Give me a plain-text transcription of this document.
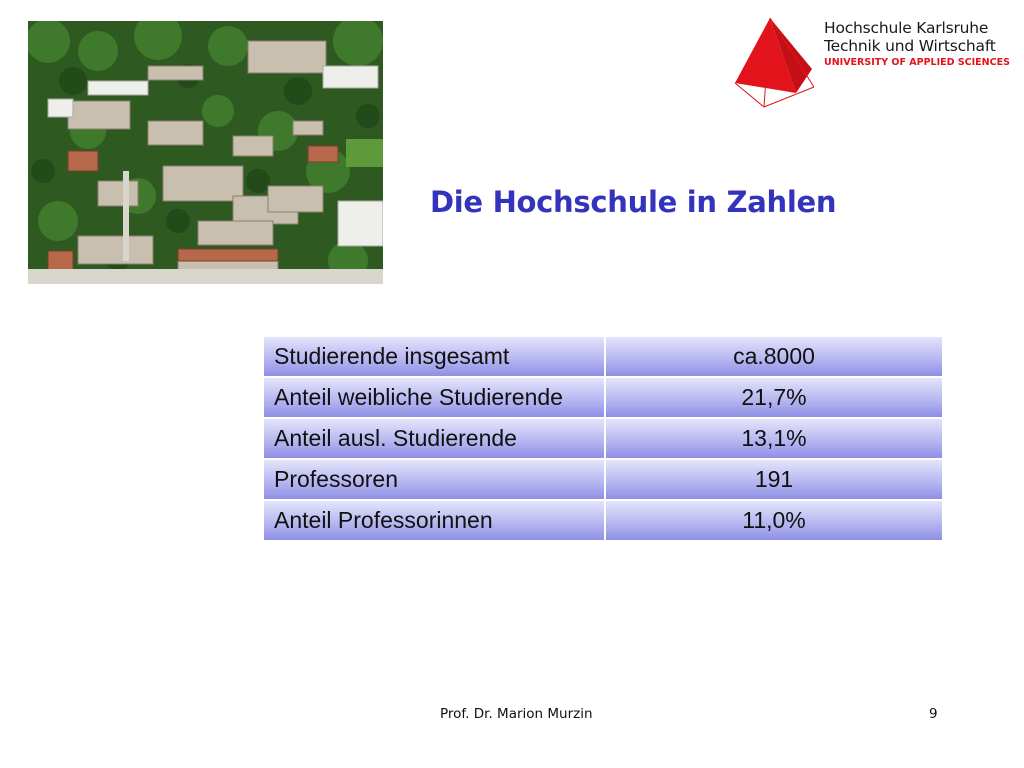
Hochschule Karlsruhe
Technik und Wirtschaft
UNIVERSITY OF APPLIED SCIENCES
Die Hochschule in Zahlen
Studierende insgesamt	ca.8000
Anteil weibliche Studierende	21,7%
Anteil ausl. Studierende	13,1%
Professoren	191
Anteil Professorinnen	11,0%
Prof. Dr. Marion Murzin	9
